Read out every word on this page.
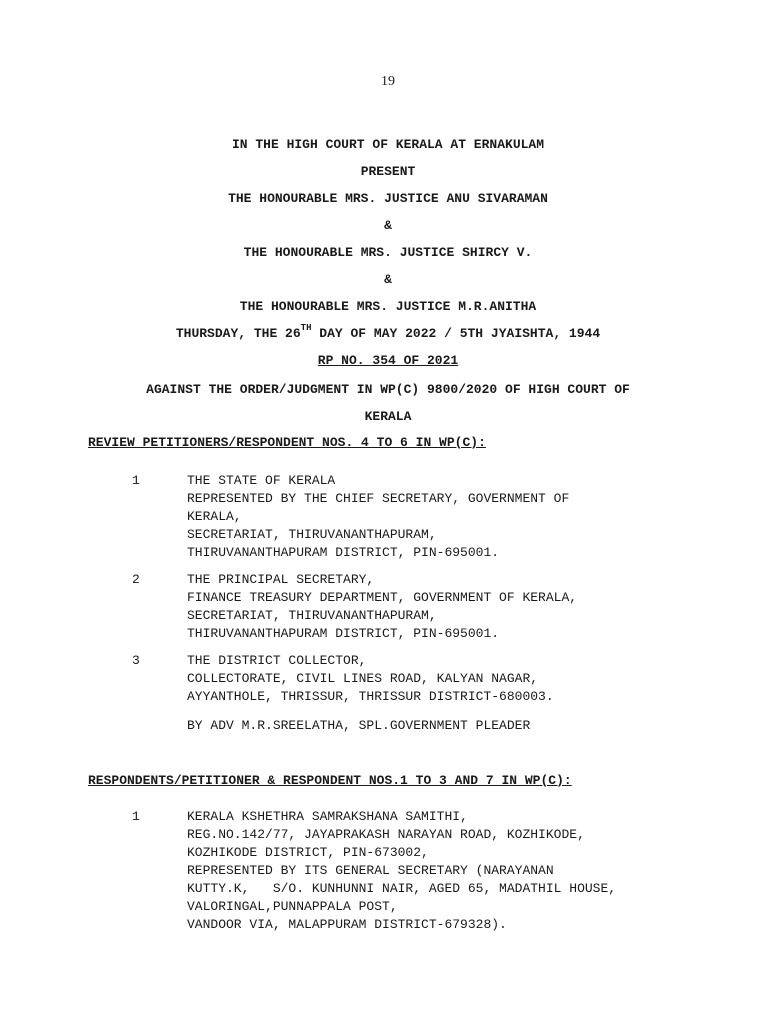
19
IN THE HIGH COURT OF KERALA AT ERNAKULAM
PRESENT
THE HONOURABLE MRS. JUSTICE ANU SIVARAMAN
&
THE HONOURABLE MRS. JUSTICE SHIRCY V.
&
THE HONOURABLE MRS. JUSTICE M.R.ANITHA
THURSDAY, THE 26TH DAY OF MAY 2022 / 5TH JYAISHTA, 1944
RP NO. 354 OF 2021
AGAINST THE ORDER/JUDGMENT IN WP(C) 9800/2020 OF HIGH COURT OF
KERALA
REVIEW PETITIONERS/RESPONDENT NOS. 4 TO 6 IN WP(C):
1	THE STATE OF KERALA
REPRESENTED BY THE CHIEF SECRETARY, GOVERNMENT OF
KERALA,
SECRETARIAT, THIRUVANANTHAPURAM,
THIRUVANANTHAPURAM DISTRICT, PIN-695001.
2	THE PRINCIPAL SECRETARY,
FINANCE TREASURY DEPARTMENT, GOVERNMENT OF KERALA,
SECRETARIAT, THIRUVANANTHAPURAM,
THIRUVANANTHAPURAM DISTRICT, PIN-695001.
3	THE DISTRICT COLLECTOR,
COLLECTORATE, CIVIL LINES ROAD, KALYAN NAGAR,
AYYANTHOLE, THRISSUR, THRISSUR DISTRICT-680003.
BY ADV M.R.SREELATHA, SPL.GOVERNMENT PLEADER
RESPONDENTS/PETITIONER & RESPONDENT NOS.1 TO 3 AND 7 IN WP(C):
1	KERALA KSHETHRA SAMRAKSHANA SAMITHI,
REG.NO.142/77, JAYAPRAKASH NARAYAN ROAD, KOZHIKODE,
KOZHIKODE DISTRICT, PIN-673002,
REPRESENTED BY ITS GENERAL SECRETARY (NARAYANAN
KUTTY.K,   S/O. KUNHUNNI NAIR, AGED 65, MADATHIL HOUSE,
VALORINGAL,PUNNAPPALA POST,
VANDOOR VIA, MALAPPURAM DISTRICT-679328).
